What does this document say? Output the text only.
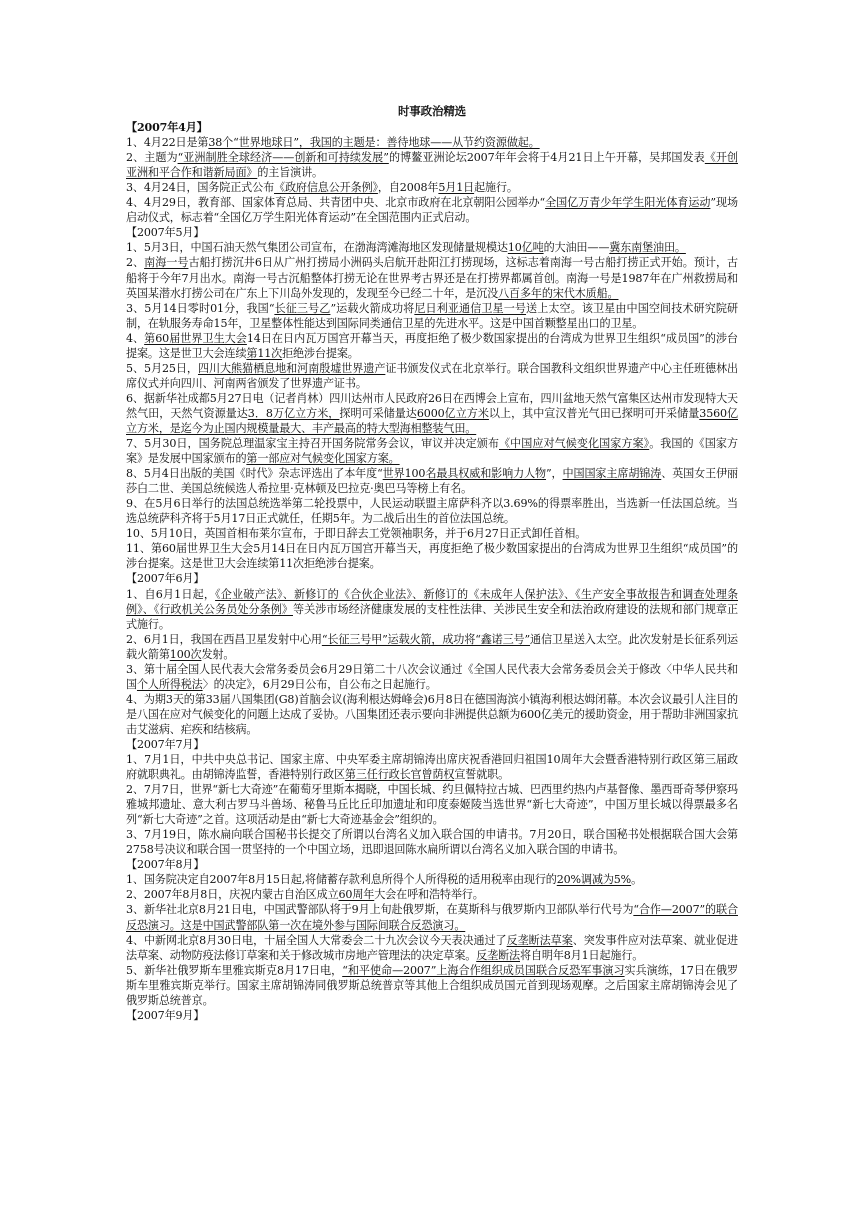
时事政治精选
【2007年4月】
1、4月22日是第38个“世界地球日”，我国的主题是：善待地球——从节约资源做起。
2、主题为“亚洲制胜全球经济——创新和可持续发展”的博鳌亚洲论坛2007年年会将于4月21日上午开幕，吴邦国发表《开创亚洲和平合作和谐新局面》的主旨演讲。
3、4月24日，国务院正式公布《政府信息公开条例》，自2008年5月1日起施行。
4、4月29日，教育部、国家体育总局、共青团中央、北京市政府在北京朝阳公园举办“全国亿万青少年学生阳光体育运动”现场启动仪式，标志着“全国亿万学生阳光体育运动”在全国范围内正式启动。
【2007年5月】
1、5月3日，中国石油天然气集团公司宣布，在渤海湾滩海地区发现储量规模达10亿吨的大油田——冀东南堡油田。
2、南海一号古船打捞沉井6日从广州打捞局小洲码头启航开赴阳江打捞现场，这标志着南海一号古船打捞正式开始。预计，古船将于今年7月出水。南海一号古沉船整体打捞无论在世界考古界还是在打捞界都属首创。南海一号是1987年在广州救捞局和英国某潜水打捞公司在广东上下川岛外发现的，发现至今已经二十年，是沉没八百多年的宋代木质船。
3、5月14日零时01分，我国“长征三号乙”运载火箭成功将尼日利亚通信卫星一号送上太空。该卫星由中国空间技术研究院研制，在轨服务寿命15年，卫星整体性能达到国际同类通信卫星的先进水平。这是中国首颗整星出口的卫星。
4、第60届世界卫生大会14日在日内瓦万国宫开幕当天，再度拒绝了极少数国家提出的台湾成为世界卫生组织“成员国”的涉台提案。这是世卫大会连续第11次拒绝涉台提案。
5、5月25日，四川大熊猫栖息地和河南殷墟世界遗产证书颁发仪式在北京举行。联合国教科文组织世界遗产中心主任班德林出席仪式并向四川、河南两省颁发了世界遗产证书。
6、据新华社成都5月27日电（记者肖林）四川达州市人民政府26日在西博会上宣布，四川盆地天然气富集区达州市发现特大天然气田，天然气资源量达3．8万亿立方米，探明可采储量达6000亿立方米以上，其中宣汉普光气田已探明可开采储量3560亿立方米，是迄今为止国内规模量最大、丰产最高的特大型海相整装气田。
7、5月30日，国务院总理温家宝主持召开国务院常务会议，审议并决定颁布《中国应对气候变化国家方案》。我国的《国家方案》是发展中国家颁布的第一部应对气候变化国家方案。
8、5月4日出版的美国《时代》杂志评选出了本年度“世界100名最具权威和影响力人物”，中国国家主席胡锦涛、英国女王伊丽莎白二世、美国总统候选人希拉里·克林顿及巴拉克·奥巴马等榜上有名。
9、在5月6日举行的法国总统选举第二轮投票中，人民运动联盟主席萨科齐以3.69%的得票率胜出，当选新一任法国总统。当选总统萨科齐将于5月17日正式就任，任期5年。为二战后出生的首位法国总统。
10、5月10日，英国首相布莱尔宣布，于即日辞去工党领袖职务，并于6月27日正式卸任首相。
11、第60届世界卫生大会5月14日在日内瓦万国宫开幕当天，再度拒绝了极少数国家提出的台湾成为世界卫生组织“成员国”的涉台提案。这是世卫大会连续第11次拒绝涉台提案。
【2007年6月】
1、自6月1日起，《企业破产法》、新修订的《合伙企业法》、新修订的《未成年人保护法》、《生产安全事故报告和调查处理条例》、《行政机关公务员处分条例》等关涉市场经济健康发展的支柱性法律、关涉民生安全和法治政府建设的法规和部门规章正式施行。
2、6月1日，我国在西昌卫星发射中心用“长征三号甲”运载火箭，成功将“鑫诺三号”通信卫星送入太空。此次发射是长征系列运载火箭第100次发射。
3、第十届全国人民代表大会常务委员会6月29日第二十八次会议通过《全国人民代表大会常务委员会关于修改〈中华人民共和国个人所得税法〉的决定》，6月29日公布，自公布之日起施行。
4、为期3天的第33届八国集团(G8)首脑会议(海利根达姆峰会)6月8日在德国海滨小镇海利根达姆闭幕。本次会议最引人注目的是八国在应对气候变化的问题上达成了妥协。八国集团还表示要向非洲提供总额为600亿美元的援助资金，用于帮助非洲国家抗击艾滋病、疟疾和结核病。
【2007年7月】
1、7月1日，中共中央总书记、国家主席、中央军委主席胡锦涛出席庆祝香港回归祖国10周年大会暨香港特别行政区第三届政府就职典礼。由胡锦涛监誓，香港特别行政区第三任行政长官曾荫权宣誓就职。
2、7月7日，世界“新七大奇迹”在葡萄牙里斯本揭晓，中国长城、约旦佩特拉古城、巴西里约热内卢基督像、墨西哥奇琴伊察玛雅城邦遗址、意大利古罗马斗兽场、秘鲁马丘比丘印加遗址和印度泰姬陵当选世界“新七大奇迹”，中国万里长城以得票最多名列“新七大奇迹”之首。这项活动是由“新七大奇迹基金会”组织的。
3、7月19日，陈水扁向联合国秘书长提交了所谓以台湾名义加入联合国的申请书。7月20日，联合国秘书处根据联合国大会第2758号决议和联合国一贯坚持的一个中国立场，迅即退回陈水扁所谓以台湾名义加入联合国的申请书。
【2007年8月】
1、国务院决定自2007年8月15日起,将储蓄存款利息所得个人所得税的适用税率由现行的20%调减为5%。
2、2007年8月8日，庆祝内蒙古自治区成立60周年大会在呼和浩特举行。
3、新华社北京8月21日电，中国武警部队将于9月上旬赴俄罗斯，在莫斯科与俄罗斯内卫部队举行代号为“合作—2007”的联合反恐演习。这是中国武警部队第一次在境外参与国际间联合反恐演习。
4、中新网北京8月30日电，十届全国人大常委会二十九次会议今天表决通过了反垄断法草案、突发事件应对法草案、就业促进法草案、动物防疫法修订草案和关于修改城市房地产管理法的决定草案。反垄断法将自明年8月1日起施行。
5、新华社俄罗斯车里雅宾斯克8月17日电，“和平使命—2007”上海合作组织成员国联合反恐军事演习实兵演练，17日在俄罗斯车里雅宾斯克举行。国家主席胡锦涛同俄罗斯总统普京等其他上合组织成员国元首到现场观摩。之后国家主席胡锦涛会见了俄罗斯总统普京。
【2007年9月】
